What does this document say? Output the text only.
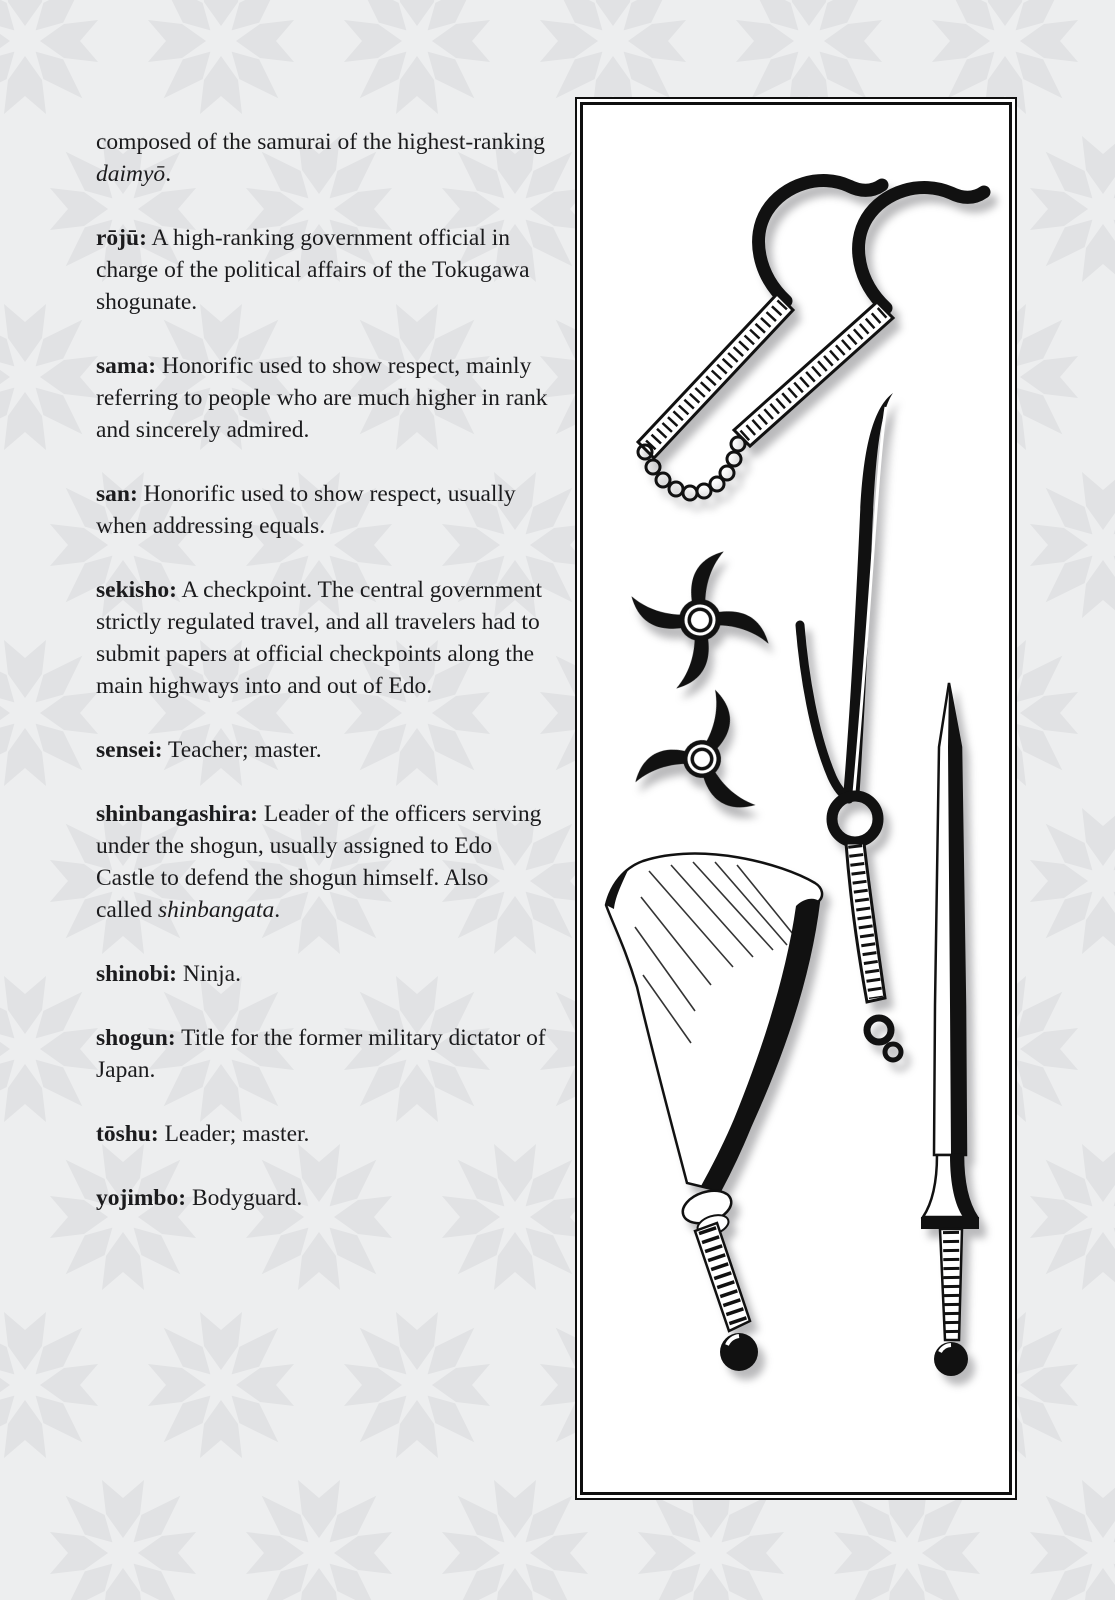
composed of the samurai of the highest-ranking daimyō.

rōjū: A high-ranking government official in charge of the political affairs of the Tokugawa shogunate.

sama: Honorific used to show respect, mainly referring to people who are much higher in rank and sincerely admired.

san: Honorific used to show respect, usually when addressing equals.

sekisho: A checkpoint. The central government strictly regulated travel, and all travelers had to submit papers at official checkpoints along the main highways into and out of Edo.

sensei: Teacher; master.

shinbangashira: Leader of the officers serving under the shogun, usually assigned to Edo Castle to defend the shogun himself. Also called shinbangata.

shinobi: Ninja.

shogun: Title for the former military dictator of Japan.

tōshu: Leader; master.

yojimbo: Bodyguard.
